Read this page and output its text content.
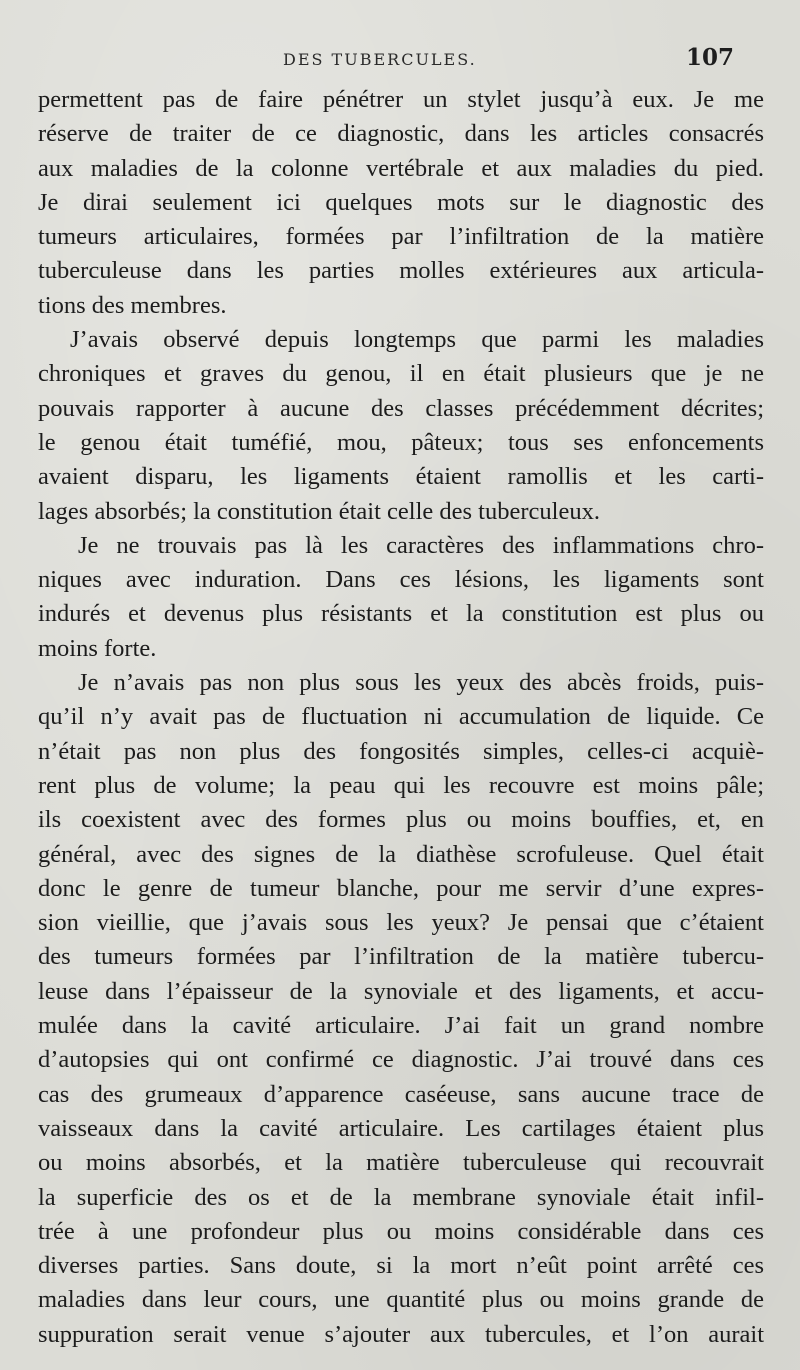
DES TUBERCULES.	107
permettent pas de faire pénétrer un stylet jusqu’à eux. Je me
réserve de traiter de ce diagnostic, dans les articles consacrés
aux maladies de la colonne vertébrale et aux maladies du pied.
Je dirai seulement ici quelques mots sur le diagnostic des
tumeurs articulaires, formées par l’infiltration de la matière
tuberculeuse dans les parties molles extérieures aux articula-
tions des membres.
J’avais observé depuis longtemps que parmi les maladies
chroniques et graves du genou, il en était plusieurs que je ne
pouvais rapporter à aucune des classes précédemment décrites;
le genou était tuméfié, mou, pâteux; tous ses enfoncements
avaient disparu, les ligaments étaient ramollis et les carti-
lages absorbés; la constitution était celle des tuberculeux.
Je ne trouvais pas là les caractères des inflammations chro-
niques avec induration. Dans ces lésions, les ligaments sont
indurés et devenus plus résistants et la constitution est plus ou
moins forte.
Je n’avais pas non plus sous les yeux des abcès froids, puis-
qu’il n’y avait pas de fluctuation ni accumulation de liquide. Ce
n’était pas non plus des fongosités simples, celles-ci acquiè-
rent plus de volume; la peau qui les recouvre est moins pâle;
ils coexistent avec des formes plus ou moins bouffies, et, en
général, avec des signes de la diathèse scrofuleuse. Quel était
donc le genre de tumeur blanche, pour me servir d’une expres-
sion vieillie, que j’avais sous les yeux? Je pensai que c’étaient
des tumeurs formées par l’infiltration de la matière tubercu-
leuse dans l’épaisseur de la synoviale et des ligaments, et accu-
mulée dans la cavité articulaire. J’ai fait un grand nombre
d’autopsies qui ont confirmé ce diagnostic. J’ai trouvé dans ces
cas des grumeaux d’apparence caséeuse, sans aucune trace de
vaisseaux dans la cavité articulaire. Les cartilages étaient plus
ou moins absorbés, et la matière tuberculeuse qui recouvrait
la superficie des os et de la membrane synoviale était infil-
trée à une profondeur plus ou moins considérable dans ces
diverses parties. Sans doute, si la mort n’eût point arrêté ces
maladies dans leur cours, une quantité plus ou moins grande de
suppuration serait venue s’ajouter aux tubercules, et l’on aurait
